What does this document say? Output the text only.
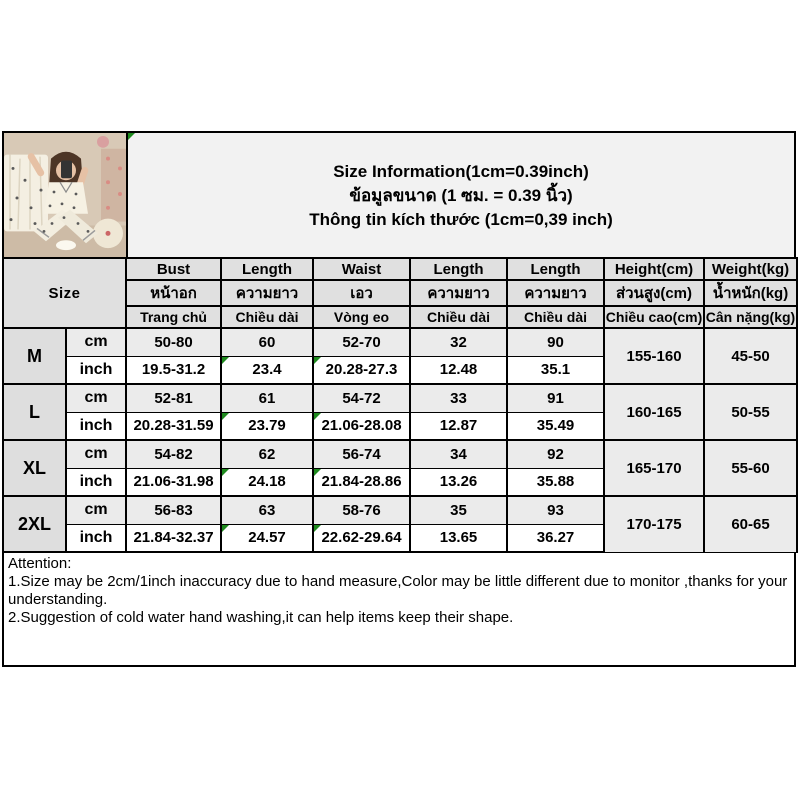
Size Information(1cm=0.39inch)
ข้อมูลขนาด (1 ซม. = 0.39 นิ้ว)
Thông tin kích thước (1cm=0,39 inch)
Size		Bust	Length	Waist	Length	Length	Height(cm)	Weight(kg)
		หน้าอก	ความยาว	เอว	ความยาว	ความยาว	ส่วนสูง(cm)	น้ำหนัก(kg)
		Trang chủ	Chiều dài	Vòng eo	Chiều dài	Chiều dài	Chiều cao(cm)	Cân nặng(kg)
M	cm	50-80	60	52-70	32	90	155-160	45-50
	inch	19.5-31.2	23.4	20.28-27.3	12.48	35.1		
L	cm	52-81	61	54-72	33	91	160-165	50-55
	inch	20.28-31.59	23.79	21.06-28.08	12.87	35.49		
XL	cm	54-82	62	56-74	34	92	165-170	55-60
	inch	21.06-31.98	24.18	21.84-28.86	13.26	35.88		
2XL	cm	56-83	63	58-76	35	93	170-175	60-65
	inch	21.84-32.37	24.57	22.62-29.64	13.65	36.27		

Attention:

1.Size may be 2cm/1inch inaccuracy due to hand measure,Color may be little different due to monitor ,thanks for your understanding.

2.Suggestion of cold water hand washing,it can help items keep their shape.
